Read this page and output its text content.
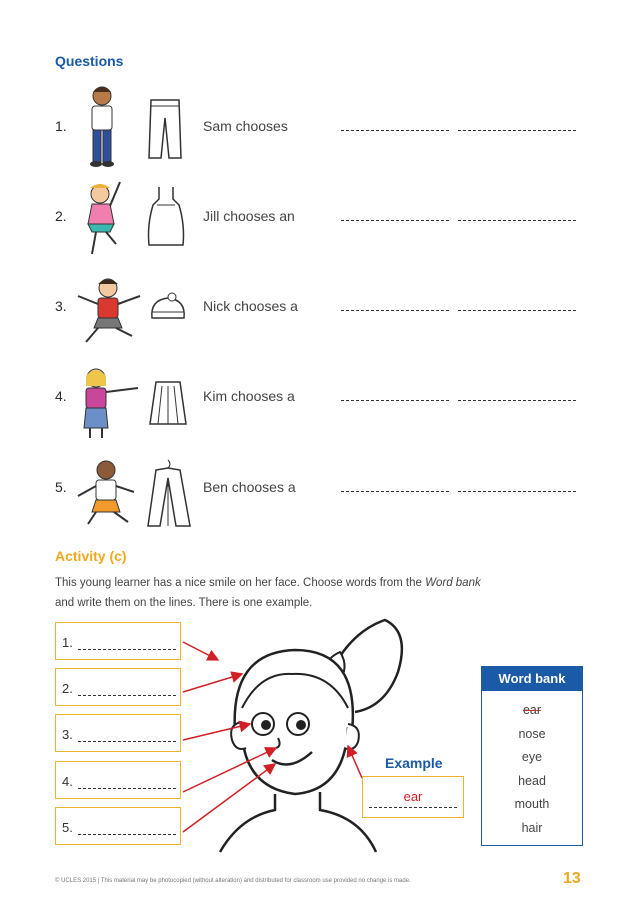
Questions
1.	Sam chooses
2.	Jill chooses an
3.	Nick chooses a
4.	Kim chooses a
5.	Ben chooses a
Activity (c)
This young learner has a nice smile on her face. Choose words from the Word bank
and write them on the lines. There is one example.
1.
2.
3.
4.
5.
Example
ear
Word bank
ear
nose
eye
head
mouth
hair
© UCLES 2015 | This material may be photocopied (without alteration) and distributed for classroom use provided no change is made.	13
